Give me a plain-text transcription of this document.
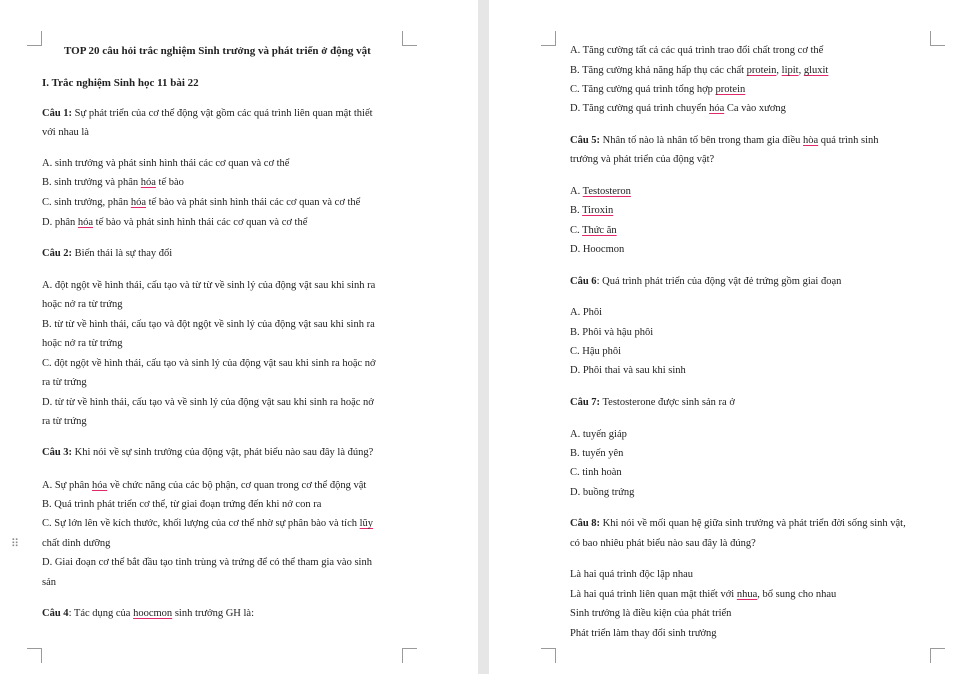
TOP 20 câu hỏi trắc nghiệm Sinh trưởng và phát triển ở động vật
I. Trắc nghiệm Sinh học 11 bài 22
Câu 1: Sự phát triển của cơ thể động vật gồm các quá trình liên quan mật thiết
với nhau là
A. sinh trưởng và phát sinh hình thái các cơ quan và cơ thể
B. sinh trưởng và phân hóa tế bào
C. sinh trưởng, phân hóa tế bào và phát sinh hình thái các cơ quan và cơ thể
D. phân hóa tế bào và phát sinh hình thái các cơ quan và cơ thể
Câu 2: Biến thái là sự thay đổi
A. đột ngột về hình thái, cấu tạo và từ từ về sinh lý của động vật sau khi sinh ra
hoặc nở ra từ trứng
B. từ từ về hình thái, cấu tạo và đột ngột về sinh lý của động vật sau khi sinh ra
hoặc nở ra từ trứng
C. đột ngột về hình thái, cấu tạo và sinh lý của động vật sau khi sinh ra hoặc nở
ra từ trứng
D. từ từ về hình thái, cấu tạo và về sinh lý của động vật sau khi sinh ra hoặc nở
ra từ trứng
Câu 3: Khi nói về sự sinh trưởng của động vật, phát biểu nào sau đây là đúng?
A. Sự phân hóa về chức năng của các bộ phận, cơ quan trong cơ thể động vật
B. Quá trình phát triển cơ thể, từ giai đoạn trứng đến khi nở con ra
C. Sự lớn lên về kích thước, khối lượng của cơ thể nhờ sự phân bào và tích lũy
chất dinh dưỡng
D. Giai đoạn cơ thể bắt đầu tạo tinh trùng và trứng để có thể tham gia vào sinh
sản
Câu 4: Tác dụng của hoocmon sinh trưởng GH là:
⠿
A. Tăng cường tất cả các quá trình trao đổi chất trong cơ thể
B. Tăng cường khả năng hấp thụ các chất protein, lipit, gluxit
C. Tăng cường quá trình tổng hợp protein
D. Tăng cường quá trình chuyển hóa Ca vào xương
Câu 5: Nhân tố nào là nhân tố bên trong tham gia điều hòa quá trình sinh
trưởng và phát triển của động vật?
A. Testosteron
B. Tiroxin
C. Thức ăn
D. Hoocmon
Câu 6: Quá trình phát triển của động vật đẻ trứng gồm giai đoạn
A. Phôi
B. Phôi và hậu phôi
C. Hậu phôi
D. Phôi thai và sau khi sinh
Câu 7: Testosterone được sinh sản ra ở
A. tuyến giáp
B. tuyến yên
C. tinh hoàn
D. buồng trứng
Câu 8: Khi nói về mối quan hệ giữa sinh trưởng và phát triển đời sống sinh vật,
có bao nhiêu phát biểu nào sau đây là đúng?
Là hai quá trình độc lập nhau
Là hai quá trình liên quan mật thiết với nhua, bổ sung cho nhau
Sinh trưởng là điều kiện của phát triển
Phát triển làm thay đổi sinh trưởng
